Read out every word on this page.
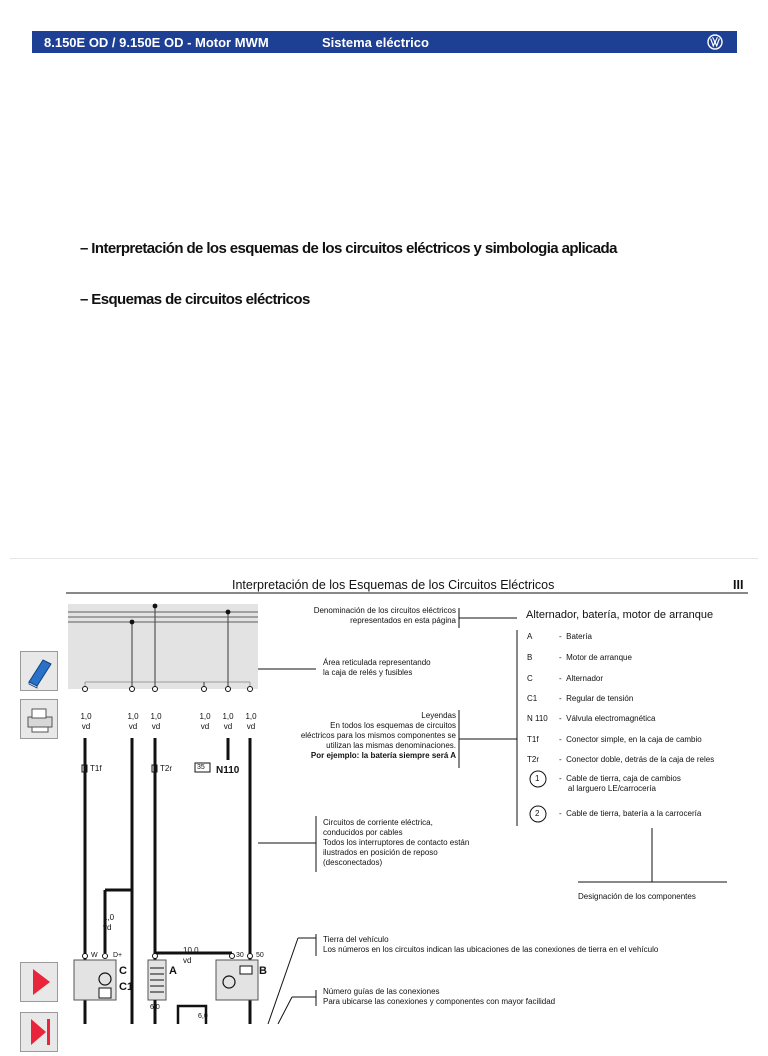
8.150E OD / 9.150E OD - Motor MWM	Sistema eléctrico
– Interpretación de los esquemas de los circuitos eléctricos y simbologia aplicada
– Esquemas de circuitos eléctricos
Interpretación de los Esquemas de los Circuitos Eléctricos	III
1,0
vd
1,0
vd
1,0
vd
1,0
vd
1,0
vd
1,0
vd
T1f	T2r	35 N110
1,0
vd
10,0
vd
W D+	30 50
C
C1
A	B
6,0
6,0
Denominación de los circuitos eléctricos
representados en esta página	Alternador, batería, motor de arranque
Área reticulada representando
la caja de relés y fusibles
Leyendas
En todos los esquemas de circuitos
eléctricos para los mismos componentes se
utilizan las mismas denominaciones.
Por ejemplo: la batería siempre será A
Circuitos de corriente eléctrica,
conducidos por cables
Todos los interruptores de contacto están
ilustrados en posición de reposo
(desconectados)
Designación de los componentes
Tierra del vehículo
Los números en los circuitos indican las ubicaciones de las conexiones de tierra en el vehículo
Número guías de las conexiones
Para ubicarse las conexiones y componentes con mayor facilidad
A	-  Batería
B	-  Motor de arranque
C	-  Alternador
C1	-  Regular de tensión
N 110 -  Válvula electromagnética
T1f	-  Conector simple, en la caja de cambio
T2r	-  Conector doble, detrás de la caja de reles
1 -  Cable de tierra, caja de cambios
al larguero LE/carrocería
2 -  Cable de tierra, batería a la carrocería
